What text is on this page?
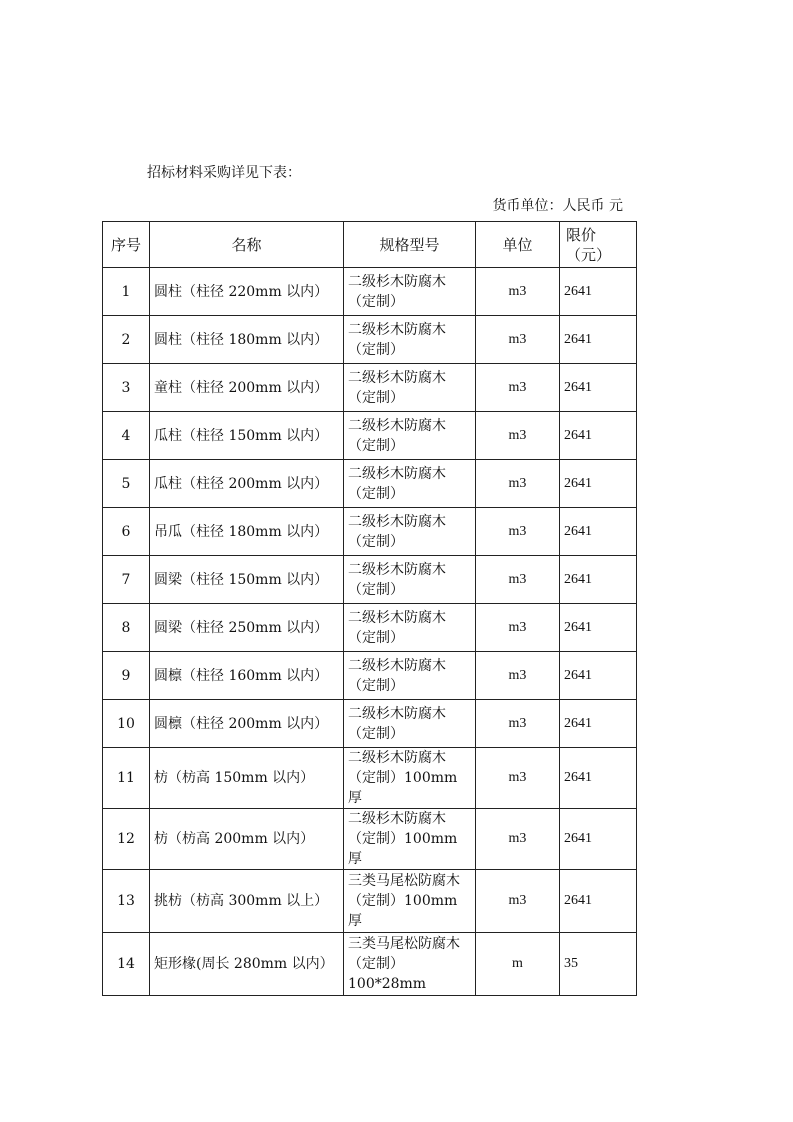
招标材料采购详见下表：
货币单位：人民币 元
序号	名称	规格型号	单位	限价（元）
1	圆柱（柱径 220mm 以内）	二级杉木防腐木（定制）	m3	2641
2	圆柱（柱径 180mm 以内）	二级杉木防腐木（定制）	m3	2641
3	童柱（柱径 200mm 以内）	二级杉木防腐木（定制）	m3	2641
4	瓜柱（柱径 150mm 以内）	二级杉木防腐木（定制）	m3	2641
5	瓜柱（柱径 200mm 以内）	二级杉木防腐木（定制）	m3	2641
6	吊瓜（柱径 180mm 以内）	二级杉木防腐木（定制）	m3	2641
7	圆梁（柱径 150mm 以内）	二级杉木防腐木（定制）	m3	2641
8	圆梁（柱径 250mm 以内）	二级杉木防腐木（定制）	m3	2641
9	圆檩（柱径 160mm 以内）	二级杉木防腐木（定制）	m3	2641
10	圆檩（柱径 200mm 以内）	二级杉木防腐木（定制）	m3	2641
11	枋（枋高 150mm 以内）	二级杉木防腐木（定制）100mm 厚	m3	2641
12	枋（枋高 200mm 以内）	二级杉木防腐木（定制）100mm 厚	m3	2641
13	挑枋（枋高 300mm 以上）	三类马尾松防腐木（定制）100mm 厚	m3	2641
14	矩形椽(周长 280mm 以内）	三类马尾松防腐木（定制）100*28mm	m	35
